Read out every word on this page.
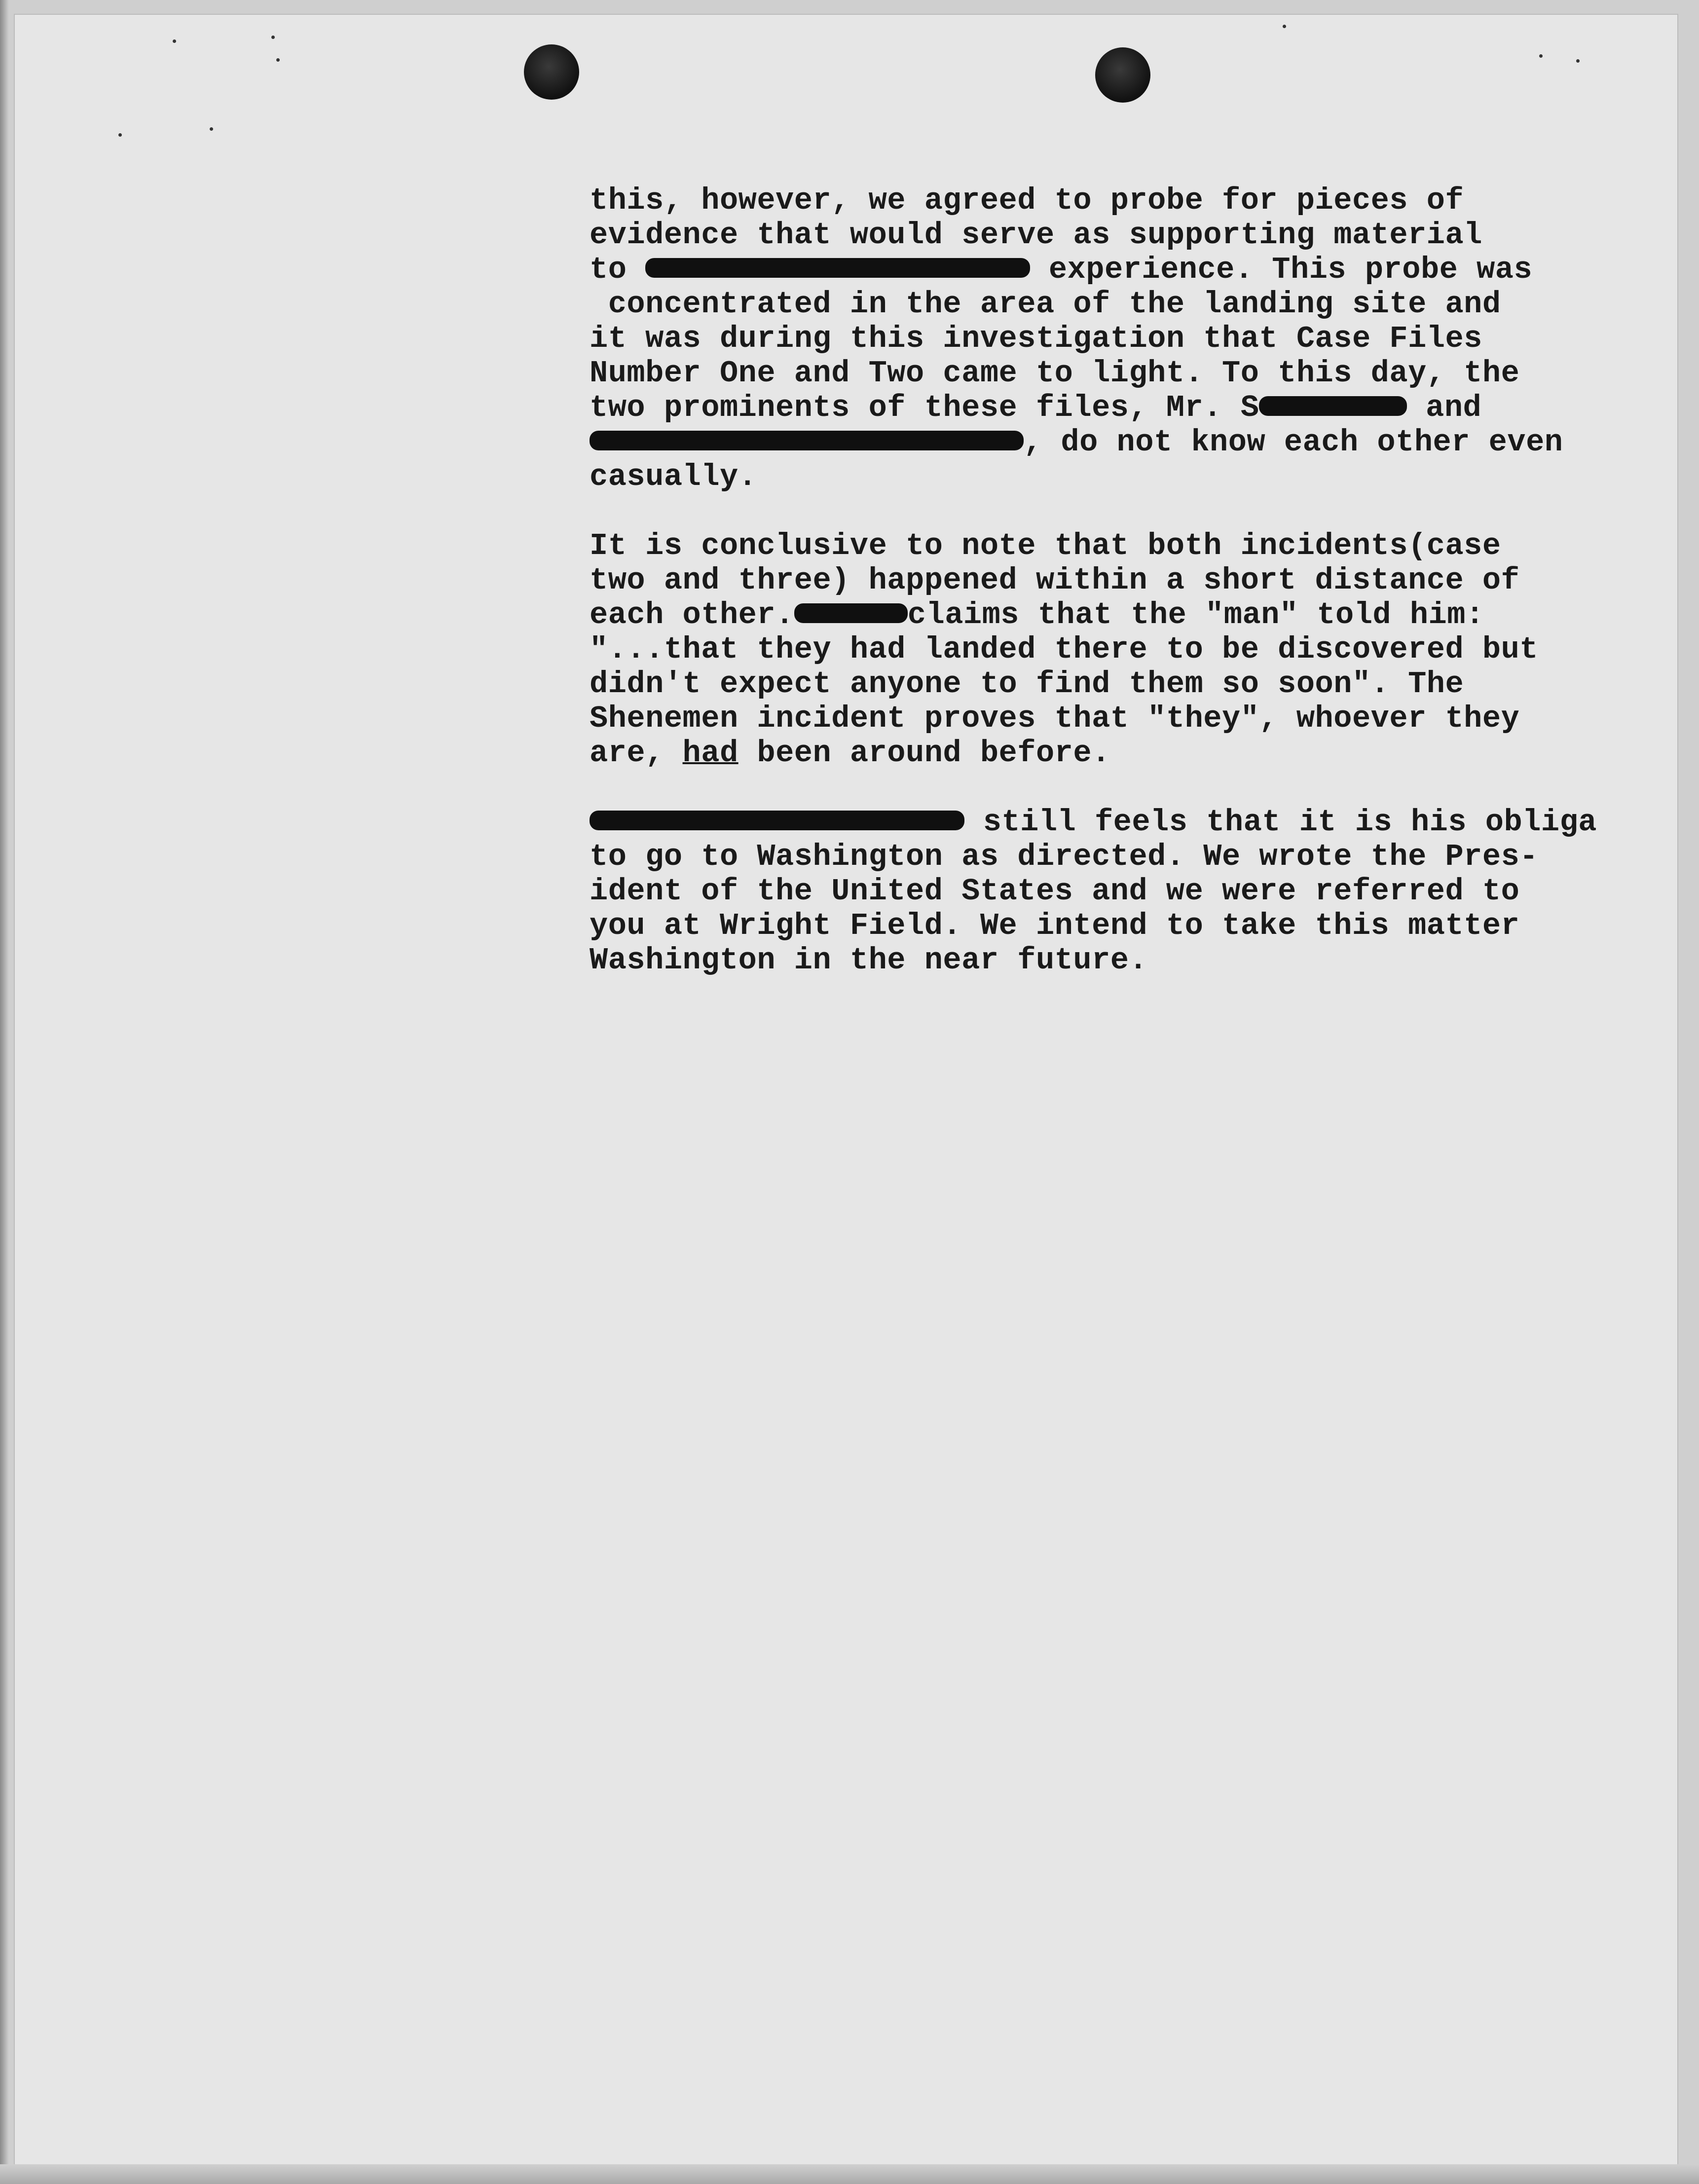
this, however, we agreed to probe for pieces of
evidence that would serve as supporting material
to	experience. This probe was
concentrated in the area of the landing site and
it was during this investigation that Case Files
Number One and Two came to light. To this day, the
two prominents of these files, Mr. S	and
, do not know each other even
casually.
It is conclusive to note that both incidents(case
two and three) happened within a short distance of
each other.	claims that the "man" told him:
"...that they had landed there to be discovered but
didn't expect anyone to find them so soon". The
Shenemen incident proves that "they", whoever they
are, had been around before.
still feels that it is his obliga
to go to Washington as directed. We wrote the Pres-
ident of the United States and we were referred to
you at Wright Field. We intend to take this matter
Washington in the near future.
